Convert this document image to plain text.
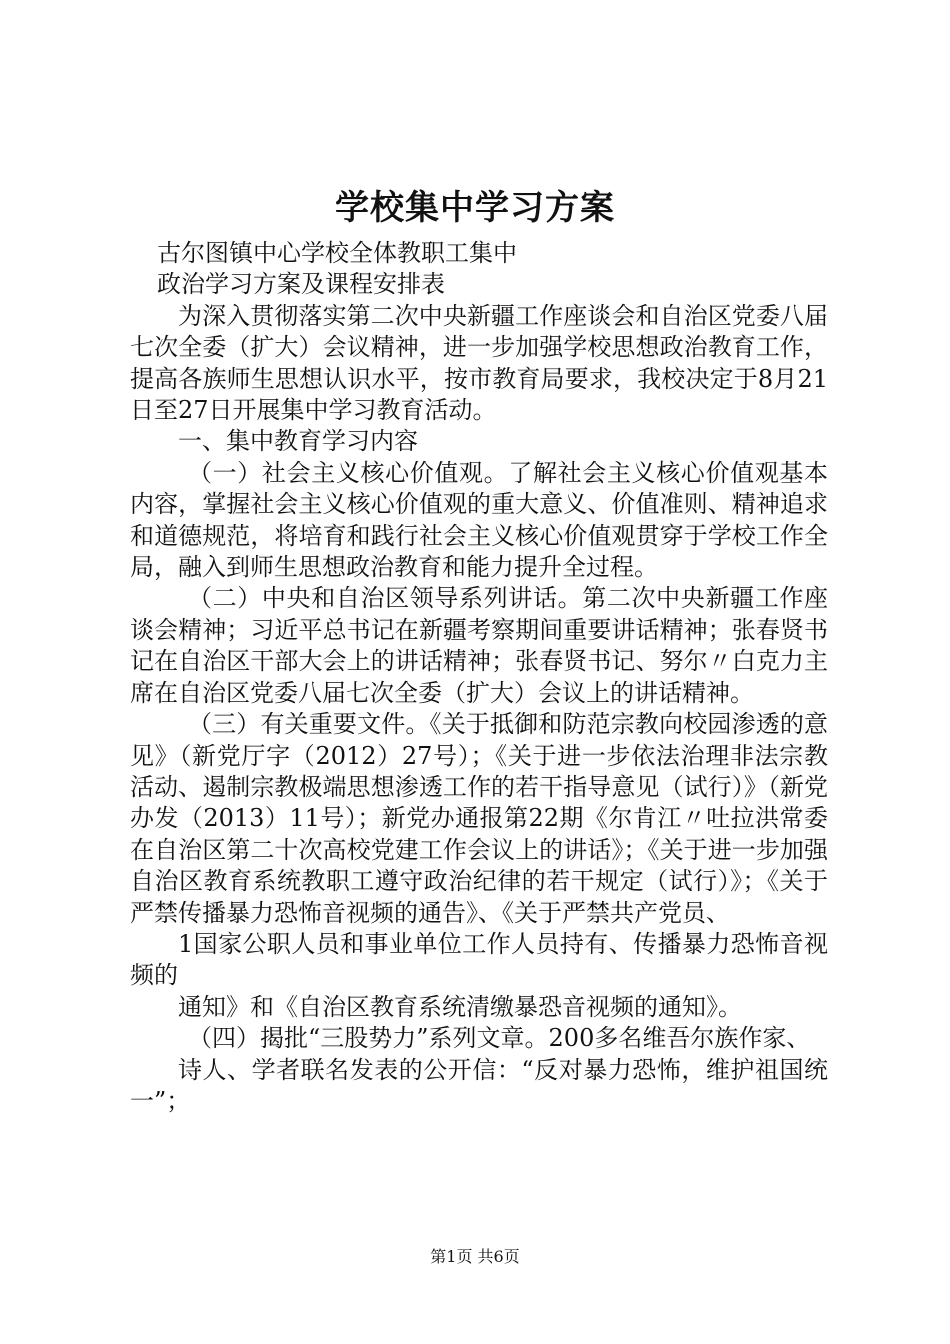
学校集中学习方案

古尔图镇中心学校全体教职工集中

政治学习方案及课程安排表

为深入贯彻落实第二次中央新疆工作座谈会和自治区党委八届七次全委（扩大）会议精神，进一步加强学校思想政治教育工作，提高各族师生思想认识水平，按市教育局要求，我校决定于8月21日至27日开展集中学习教育活动。

一、集中教育学习内容

（一）社会主义核心价值观。了解社会主义核心价值观基本内容，掌握社会主义核心价值观的重大意义、价值准则、精神追求和道德规范，将培育和践行社会主义核心价值观贯穿于学校工作全局，融入到师生思想政治教育和能力提升全过程。

（二）中央和自治区领导系列讲话。第二次中央新疆工作座谈会精神；习近平总书记在新疆考察期间重要讲话精神；张春贤书记在自治区干部大会上的讲话精神；张春贤书记、努尔〃白克力主席在自治区党委八届七次全委（扩大）会议上的讲话精神。

（三）有关重要文件。《关于抵御和防范宗教向校园渗透的意见》（新党厅字（2012）27号）；《关于进一步依法治理非法宗教活动、遏制宗教极端思想渗透工作的若干指导意见（试行）》（新党办发（2013）11号）；新党办通报第22期《尔肯江〃吐拉洪常委在自治区第二十次高校党建工作会议上的讲话》；《关于进一步加强自治区教育系统教职工遵守政治纪律的若干规定（试行）》；《关于严禁传播暴力恐怖音视频的通告》、《关于严禁共产党员、

1国家公职人员和事业单位工作人员持有、传播暴力恐怖音视频的

通知》和《自治区教育系统清缴暴恐音视频的通知》。

（四）揭批“三股势力”系列文章。200多名维吾尔族作家、

诗人、学者联名发表的公开信：“反对暴力恐怖，维护祖国统一”；

第1页 共6页
